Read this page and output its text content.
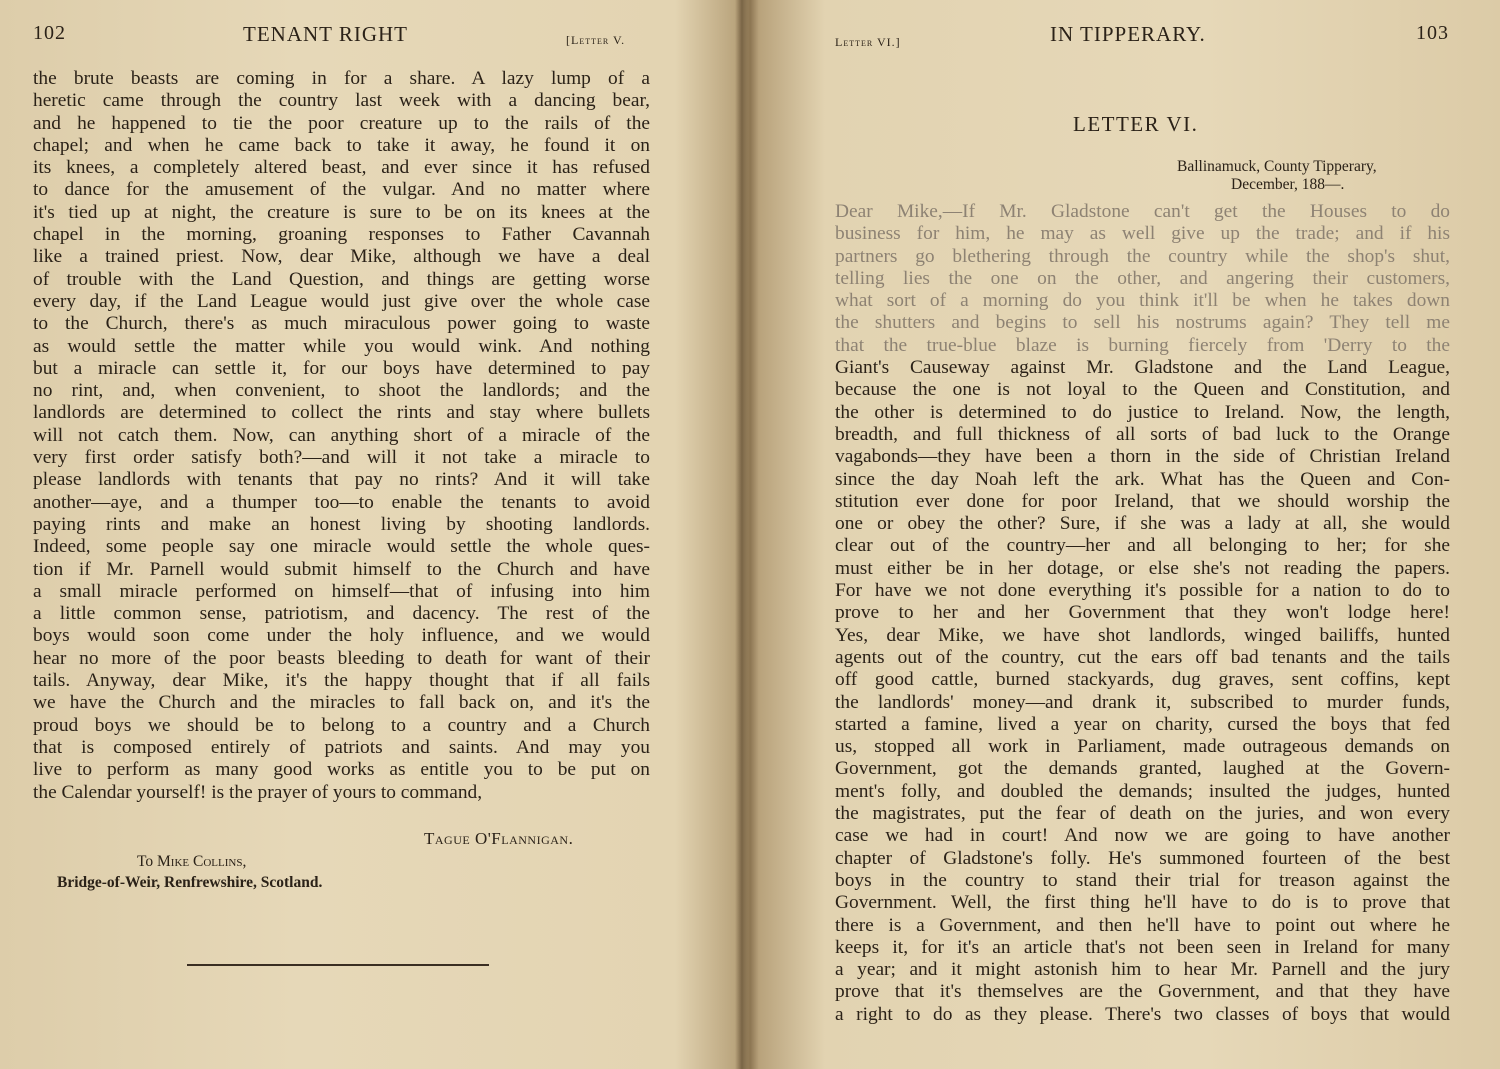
102	TENANT RIGHT	[Letter V.
the brute beasts are coming in for a share. A lazy lump of a
heretic came through the country last week with a dancing bear,
and he happened to tie the poor creature up to the rails of the
chapel; and when he came back to take it away, he found it on
its knees, a completely altered beast, and ever since it has refused
to dance for the amusement of the vulgar. And no matter where
it's tied up at night, the creature is sure to be on its knees at the
chapel in the morning, groaning responses to Father Cavannah
like a trained priest. Now, dear Mike, although we have a deal
of trouble with the Land Question, and things are getting worse
every day, if the Land League would just give over the whole case
to the Church, there's as much miraculous power going to waste
as would settle the matter while you would wink. And nothing
but a miracle can settle it, for our boys have determined to pay
no rint, and, when convenient, to shoot the landlords; and the
landlords are determined to collect the rints and stay where bullets
will not catch them. Now, can anything short of a miracle of the
very first order satisfy both?—and will it not take a miracle to
please landlords with tenants that pay no rints? And it will take
another—aye, and a thumper too—to enable the tenants to avoid
paying rints and make an honest living by shooting landlords.
Indeed, some people say one miracle would settle the whole ques-
tion if Mr. Parnell would submit himself to the Church and have
a small miracle performed on himself—that of infusing into him
a little common sense, patriotism, and dacency. The rest of the
boys would soon come under the holy influence, and we would
hear no more of the poor beasts bleeding to death for want of their
tails. Anyway, dear Mike, it's the happy thought that if all fails
we have the Church and the miracles to fall back on, and it's the
proud boys we should be to belong to a country and a Church
that is composed entirely of patriots and saints. And may you
live to perform as many good works as entitle you to be put on
the Calendar yourself! is the prayer of yours to command,
Tague O'Flannigan.
To Mike Collins,
Bridge-of-Weir, Renfrewshire, Scotland.
Letter VI.]	IN TIPPERARY.	103
LETTER VI.
Ballinamuck, County Tipperary,
December, 188—.
Dear Mike,—If Mr. Gladstone can't get the Houses to do
business for him, he may as well give up the trade; and if his
partners go blethering through the country while the shop's shut,
telling lies the one on the other, and angering their customers,
what sort of a morning do you think it'll be when he takes down
the shutters and begins to sell his nostrums again? They tell me
that the true-blue blaze is burning fiercely from 'Derry to the
Giant's Causeway against Mr. Gladstone and the Land League,
because the one is not loyal to the Queen and Constitution, and
the other is determined to do justice to Ireland. Now, the length,
breadth, and full thickness of all sorts of bad luck to the Orange
vagabonds—they have been a thorn in the side of Christian Ireland
since the day Noah left the ark. What has the Queen and Con-
stitution ever done for poor Ireland, that we should worship the
one or obey the other? Sure, if she was a lady at all, she would
clear out of the country—her and all belonging to her; for she
must either be in her dotage, or else she's not reading the papers.
For have we not done everything it's possible for a nation to do to
prove to her and her Government that they won't lodge here!
Yes, dear Mike, we have shot landlords, winged bailiffs, hunted
agents out of the country, cut the ears off bad tenants and the tails
off good cattle, burned stackyards, dug graves, sent coffins, kept
the landlords' money—and drank it, subscribed to murder funds,
started a famine, lived a year on charity, cursed the boys that fed
us, stopped all work in Parliament, made outrageous demands on
Government, got the demands granted, laughed at the Govern-
ment's folly, and doubled the demands; insulted the judges, hunted
the magistrates, put the fear of death on the juries, and won every
case we had in court! And now we are going to have another
chapter of Gladstone's folly. He's summoned fourteen of the best
boys in the country to stand their trial for treason against the
Government. Well, the first thing he'll have to do is to prove that
there is a Government, and then he'll have to point out where he
keeps it, for it's an article that's not been seen in Ireland for many
a year; and it might astonish him to hear Mr. Parnell and the jury
prove that it's themselves are the Government, and that they have
a right to do as they please. There's two classes of boys that would
